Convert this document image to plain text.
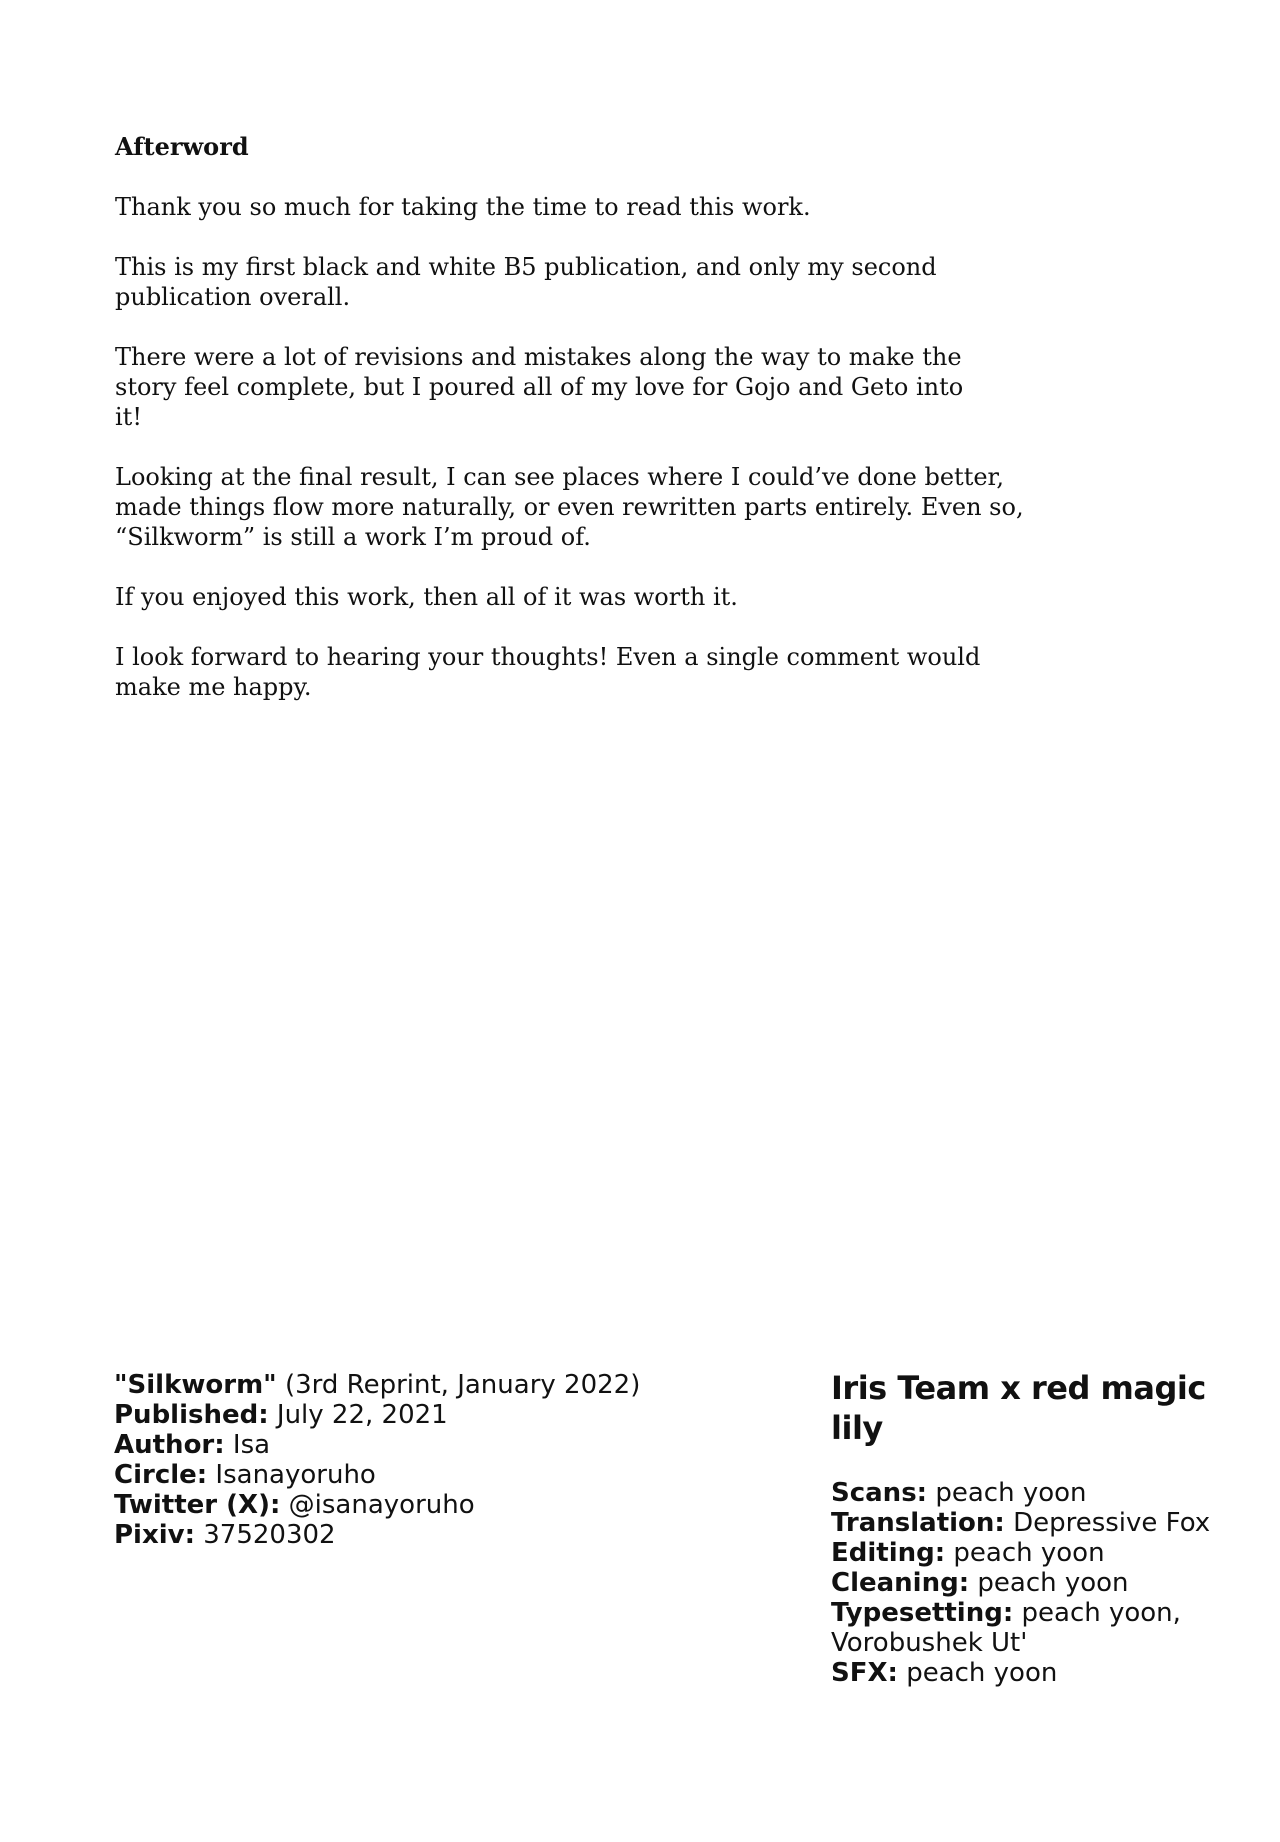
Afterword

Thank you so much for taking the time to read this work.

This is my first black and white B5 publication, and only my second publication overall.

There were a lot of revisions and mistakes along the way to make the story feel complete, but I poured all of my love for Gojo and Geto into it!

Looking at the final result, I can see places where I could’ve done better, made things flow more naturally, or even rewritten parts entirely. Even so, “Silkworm” is still a work I’m proud of.

If you enjoyed this work, then all of it was worth it.

I look forward to hearing your thoughts! Even a single comment would make me happy.

"Silkworm" (3rd Reprint, January 2022)
Published: July 22, 2021
Author: Isa
Circle: Isanayoruho
Twitter (X): @isanayoruho
Pixiv: 37520302
Iris Team x red magic lily
Scans: peach yoon
Translation: Depressive Fox
Editing: peach yoon
Cleaning: peach yoon
Typesetting: peach yoon, Vorobushek Ut'
SFX: peach yoon
